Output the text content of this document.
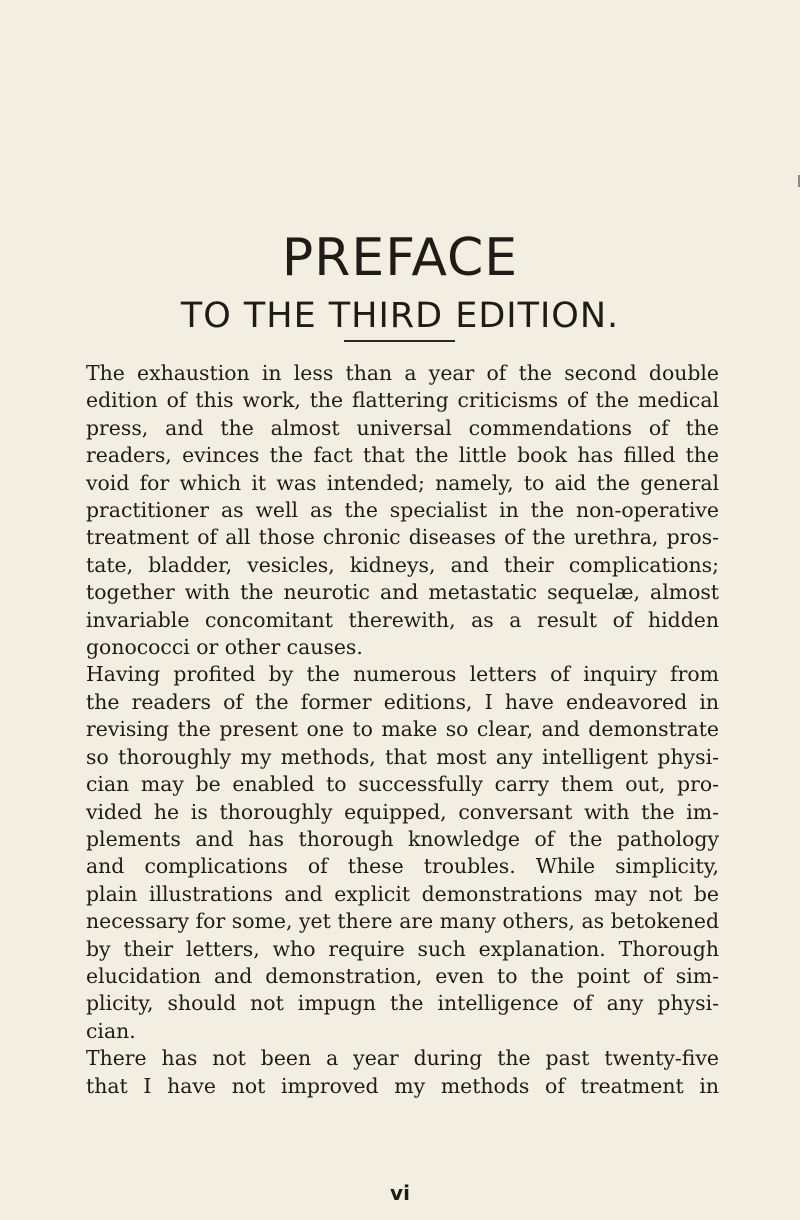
PREFACE
TO THE THIRD EDITION.
The exhaustion in less than a year of the second double
edition of this work, the flattering criticisms of the medical
press, and the almost universal commendations of the
readers, evinces the fact that the little book has filled the
void for which it was intended; namely, to aid the general
practitioner as well as the specialist in the non-operative
treatment of all those chronic diseases of the urethra, pros-
tate, bladder, vesicles, kidneys, and their complications;
together with the neurotic and metastatic sequelæ, almost
invariable concomitant therewith, as a result of hidden
gonococci or other causes.
Having profited by the numerous letters of inquiry from
the readers of the former editions, I have endeavored in
revising the present one to make so clear, and demonstrate
so thoroughly my methods, that most any intelligent physi-
cian may be enabled to successfully carry them out, pro-
vided he is thoroughly equipped, conversant with the im-
plements and has thorough knowledge of the pathology
and complications of these troubles. While simplicity,
plain illustrations and explicit demonstrations may not be
necessary for some, yet there are many others, as betokened
by their letters, who require such explanation. Thorough
elucidation and demonstration, even to the point of sim-
plicity, should not impugn the intelligence of any physi-
cian.
There has not been a year during the past twenty-five
that I have not improved my methods of treatment in
vi
